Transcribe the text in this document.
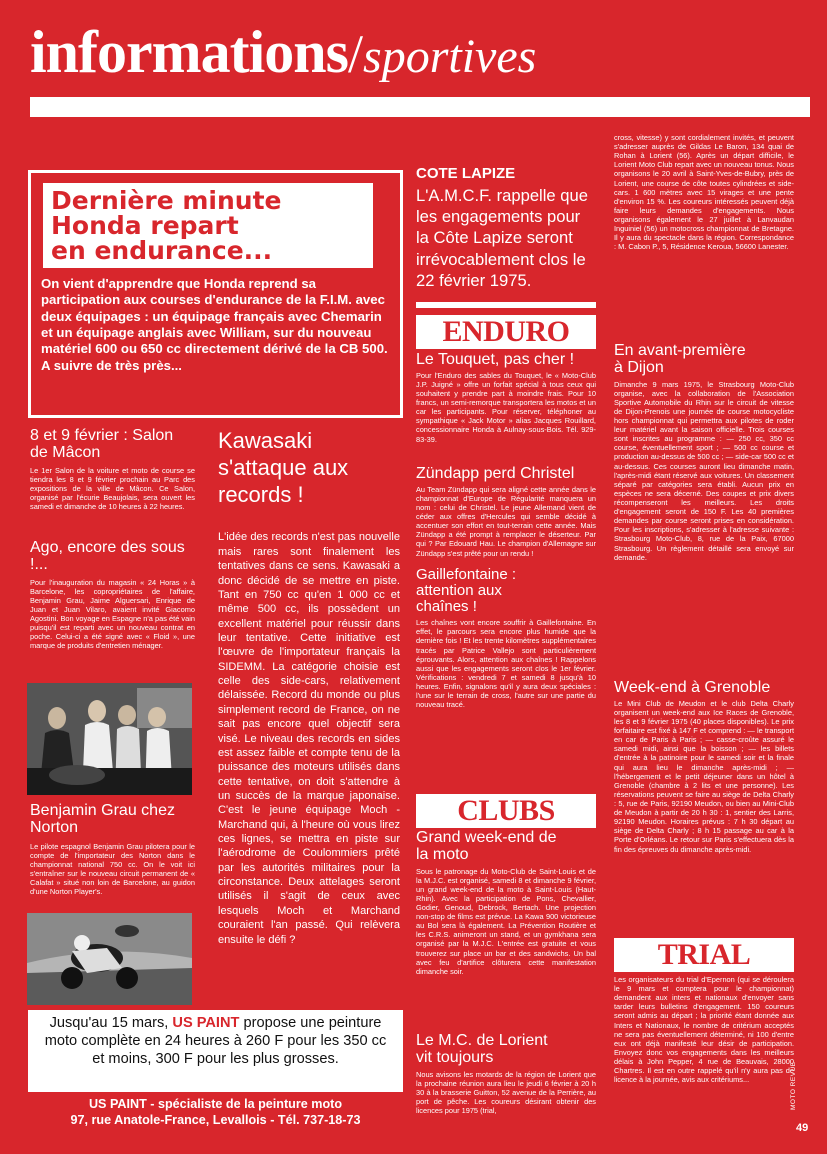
informations/sportives
Dernière minute
Honda repart
en endurance...
On vient d'apprendre que Honda reprend sa participation aux courses d'endurance de la F.I.M. avec deux équipages : un équipage français avec Chemarin et un équipage anglais avec William, sur du nouveau matériel 600 ou 650 cc directement dérivé de la CB 500. A suivre de très près...
8 et 9 février : Salon de Mâcon
Le 1er Salon de la voiture et moto de course se tiendra les 8 et 9 février prochain au Parc des expositions de la ville de Mâcon. Ce Salon, organisé par l'écurie Beaujolais, sera ouvert les samedi et dimanche de 10 heures à 22 heures.
Ago, encore des sous !...
Pour l'inauguration du magasin « 24 Horas » à Barcelone, les copropriétaires de l'affaire, Benjamin Grau, Jaime Alguersari, Enrique de Juan et Juan Vilaro, avaient invité Giacomo Agostini. Bon voyage en Espagne n'a pas été vain puisqu'il est reparti avec un nouveau contrat en poche. Celui-ci a été signé avec « Floid », une marque de produits d'entretien ménager.
Benjamin Grau chez Norton
Le pilote espagnol Benjamin Grau pilotera pour le compte de l'importateur des Norton dans le championnat national 750 cc. On le voit ici s'entraîner sur le nouveau circuit permanent de « Calafat » situé non loin de Barcelone, au guidon d'une Norton Player's.
Kawasaki s'attaque aux records !
L'idée des records n'est pas nouvelle mais rares sont finalement les tentatives dans ce sens. Kawasaki a donc décidé de se mettre en piste. Tant en 750 cc qu'en 1 000 cc et même 500 cc, ils possèdent un excellent matériel pour réussir dans leur tentative. Cette initiative est l'œuvre de l'importateur français la SIDEMM. La catégorie choisie est celle des side-cars, relativement délaissée. Record du monde ou plus simplement record de France, on ne sait pas encore quel objectif sera visé. Le niveau des records en sides est assez faible et compte tenu de la puissance des moteurs utilisés dans cette tentative, on doit s'attendre à un succès de la marque japonaise. C'est le jeune équipage Moch - Marchand qui, à l'heure où vous lirez ces lignes, se mettra en piste sur l'aérodrome de Coulommiers prêté par les autorités militaires pour la circonstance. Deux attelages seront utilisés il s'agit de ceux avec lesquels Moch et Marchand couraient l'an passé. Qui relèvera ensuite le défi ?
Jusqu'au 15 mars, US PAINT propose une peinture moto complète en 24 heures à 260 F pour les 350 cc et moins, 300 F pour les plus grosses.
US PAINT - spécialiste de la peinture moto
97, rue Anatole-France, Levallois - Tél. 737-18-73
COTE LAPIZE
L'A.M.C.F. rappelle que les engagements pour la Côte Lapize seront irrévocablement clos le 22 février 1975.
ENDURO
Le Touquet, pas cher !
Pour l'Enduro des sables du Touquet, le « Moto-Club J.P. Juigné » offre un forfait spécial à tous ceux qui souhaitent y prendre part à moindre frais. Pour 10 francs, un semi-remorque transportera les motos et un car les participants. Pour réserver, téléphoner au sympathique « Jack Motor » alias Jacques Rouillard, concessionnaire Honda à Aulnay-sous-Bois. Tél. 929-83-39.
Zündapp perd Christel
Au Team Zündapp qui sera aligné cette année dans le championnat d'Europe de Régularité manquera un nom : celui de Christel. Le jeune Allemand vient de céder aux offres d'Hercules qui semble décidé à accentuer son effort en tout-terrain cette année. Mais Zündapp a été prompt à remplacer le déserteur. Par qui ? Par Edouard Hau. Le champion d'Allemagne sur Zündapp s'est prêté pour un rendu !
Gaillefontaine : attention aux chaînes !
Les chaînes vont encore souffrir à Gaillefontaine. En effet, le parcours sera encore plus humide que la dernière fois ! Et les trente kilomètres supplémentaires tracés par Patrice Vallejo sont particulièrement éprouvants. Alors, attention aux chaînes ! Rappelons aussi que les engagements seront clos le 1er février. Vérifications : vendredi 7 et samedi 8 jusqu'à 10 heures. Enfin, signalons qu'il y aura deux spéciales : l'une sur le terrain de cross, l'autre sur une partie du nouveau tracé.
CLUBS
Grand week-end de la moto
Sous le patronage du Moto-Club de Saint-Louis et de la M.J.C. est organisé, samedi 8 et dimanche 9 février, un grand week-end de la moto à Saint-Louis (Haut-Rhin). Avec la participation de Pons, Chevallier, Godier, Genoud, Debrock, Bertach. Une projection non-stop de films est prévue. La Kawa 900 victorieuse au Bol sera là également. La Prévention Routière et les C.R.S. animeront un stand, et un gymkhana sera organisé par la M.J.C. L'entrée est gratuite et vous trouverez sur place un bar et des sandwichs. Un bal avec feu d'artifice clôturera cette manifestation dimanche soir.
Le M.C. de Lorient vit toujours
Nous avisons les motards de la région de Lorient que la prochaine réunion aura lieu le jeudi 6 février à 20 h 30 à la brasserie Guitton, 52 avenue de la Perrière, au port de pêche. Les coureurs désirant obtenir des licences pour 1975 (trial,
cross, vitesse) y sont cordialement invités, et peuvent s'adresser auprès de Gildas Le Baron, 134 quai de Rohan à Lorient (56). Après un départ difficile, le Lorient Moto Club repart avec un nouveau tonus. Nous organisons le 20 avril à Saint-Yves-de-Bubry, près de Lorient, une course de côte toutes cylindrées et side-cars. 1 600 mètres avec 15 virages et une pente d'environ 15 %. Les coureurs intéressés peuvent déjà faire leurs demandes d'engagements. Nous organisons également le 27 juillet à Lanvaudan Inguiniel (56) un motocross championnat de Bretagne. Il y aura du spectacle dans la région. Correspondance : M. Cabon P., 5, Résidence Keroua, 56600 Lanester.
En avant-première à Dijon
Dimanche 9 mars 1975, le Strasbourg Moto-Club organise, avec la collaboration de l'Association Sportive Automobile du Rhin sur le circuit de vitesse de Dijon-Prenois une journée de course motocycliste hors championnat qui permettra aux pilotes de roder leur matériel avant la saison officielle. Trois courses sont inscrites au programme : — 250 cc, 350 cc course, éventuellement sport ; — 500 cc course et production au-dessus de 500 cc ; — side-car 500 cc et au-dessus. Ces courses auront lieu dimanche matin, l'après-midi étant réservé aux voitures. Un classement séparé par catégories sera établi. Aucun prix en espèces ne sera décerné. Des coupes et prix divers récompenseront les meilleurs. Les droits d'engagement seront de 150 F. Les 40 premières demandes par course seront prises en considération. Pour les inscriptions, s'adresser à l'adresse suivante : Strasbourg Moto-Club, 8, rue de la Paix, 67000 Strasbourg. Un règlement détaillé sera envoyé sur demande.
Week-end à Grenoble
Le Mini Club de Meudon et le club Delta Charly organisent un week-end aux Ice Races de Grenoble, les 8 et 9 février 1975 (40 places disponibles). Le prix forfaitaire est fixé à 147 F et comprend : — le transport en car de Paris à Paris ; — casse-croûte assuré le samedi midi, ainsi que la boisson ; — les billets d'entrée à la patinoire pour le samedi soir et la finale qui aura lieu le dimanche après-midi ; — l'hébergement et le petit déjeuner dans un hôtel à Grenoble (chambre à 2 lits et une personne). Les réservations peuvent se faire au siège de Delta Charly : 5, rue de Paris, 92190 Meudon, ou bien au Mini-Club de Meudon à partir de 20 h 30 : 1, sentier des Larris, 92190 Meudon. Horaires prévus : 7 h 30 départ au siège de Delta Charly ; 8 h 15 passage au car à la Porte d'Orléans. Le retour sur Paris s'effectuera dès la fin des épreuves du dimanche après-midi.
TRIAL
Les organisateurs du trial d'Epernon (qui se déroulera le 9 mars et comptera pour le championnat) demandent aux inters et nationaux d'envoyer sans tarder leurs bulletins d'engagement. 150 coureurs seront admis au départ ; la priorité étant donnée aux Inters et Nationaux, le nombre de critérium acceptés ne sera pas éventuellement déterminé, ni 100 d'entre eux ont déjà manifesté leur désir de participation. Envoyez donc vos engagements dans les meilleurs délais à John Pepper, 4 rue de Beauvais, 28000 Chartres. Il est en outre rappelé qu'il n'y aura pas de licence à la journée, avis aux critériums...	MOTO REVUE
49
